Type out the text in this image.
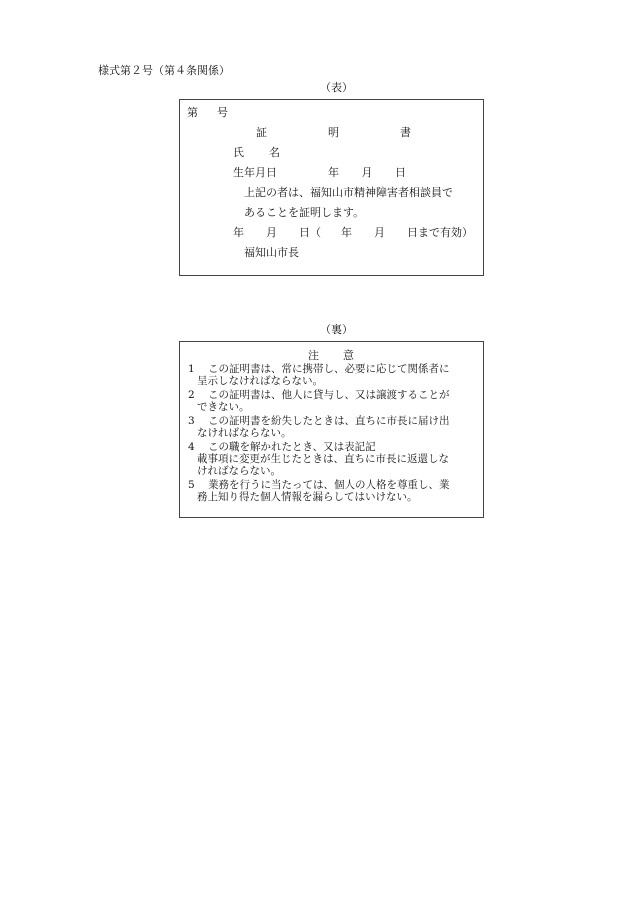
様式第２号（第４条関係）
（表）
第 号
証	明	書
氏 名
生年月日	年 月 日
上記の者は、福知山市精神障害者相談員で
あることを証明します。
年 月 日（ 年 月 日まで有効）
福知山市長
（裏）
注 意
1 この証明書は、常に携帯し、必要に応じて関係者に
呈示しなければならない。
2 この証明書は、他人に貸与し、又は譲渡することが
できない。
3 この証明書を紛失したときは、直ちに市長に届け出
なければならない。
4 この職を解かれたとき、又は表記記
載事項に変更が生じたときは、直ちに市長に返還しな
ければならない。
5 業務を行うに当たっては、個人の人格を尊重し、業
務上知り得た個人情報を漏らしてはいけない。
